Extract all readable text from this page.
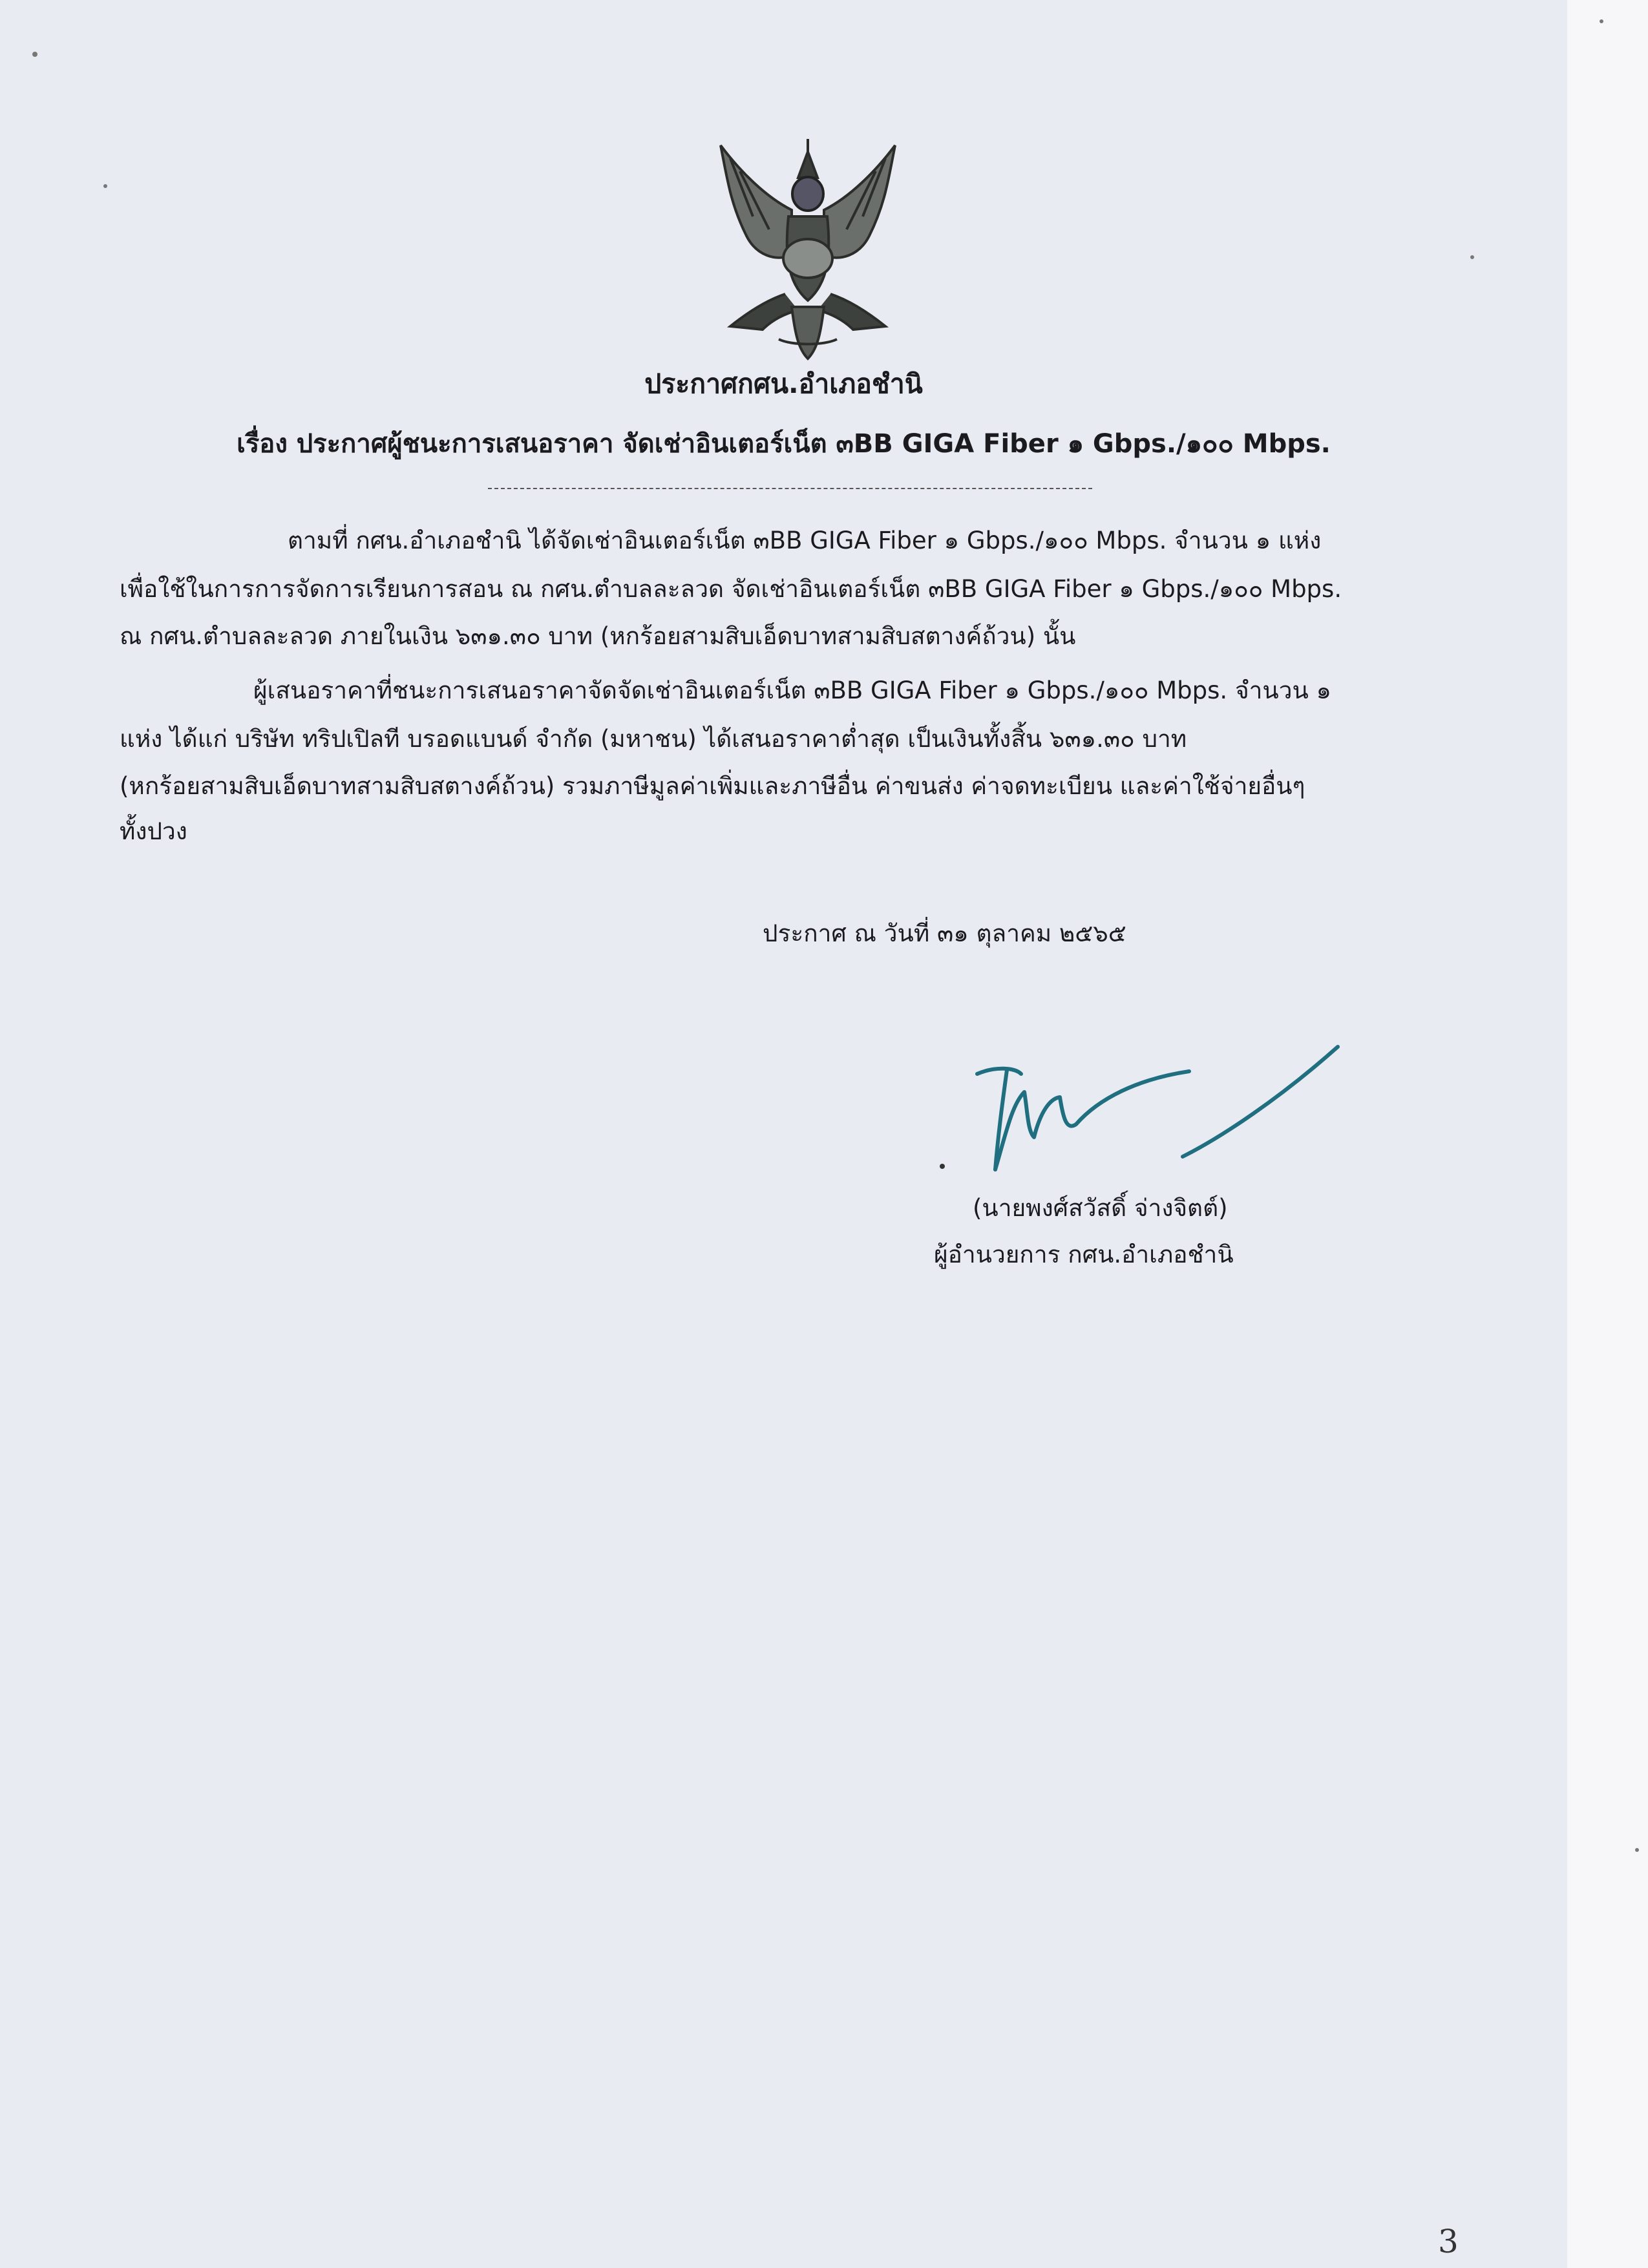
ประกาศกศน.อำเภอชำนิ
เรื่อง ประกาศผู้ชนะการเสนอราคา จัดเช่าอินเตอร์เน็ต ๓BB GIGA Fiber ๑ Gbps./๑๐๐ Mbps.
ตามที่ กศน.อำเภอชำนิ ได้จัดเช่าอินเตอร์เน็ต ๓BB GIGA Fiber ๑ Gbps./๑๐๐ Mbps. จำนวน ๑ แห่ง
เพื่อใช้ในการการจัดการเรียนการสอน ณ กศน.ตำบลละลวด จัดเช่าอินเตอร์เน็ต ๓BB GIGA Fiber ๑ Gbps./๑๐๐ Mbps.
ณ กศน.ตำบลละลวด ภายในเงิน ๖๓๑.๓๐ บาท (หกร้อยสามสิบเอ็ดบาทสามสิบสตางค์ถ้วน) นั้น
ผู้เสนอราคาที่ชนะการเสนอราคาจัดจัดเช่าอินเตอร์เน็ต ๓BB GIGA Fiber ๑ Gbps./๑๐๐ Mbps. จำนวน ๑
แห่ง ได้แก่ บริษัท ทริปเปิลที บรอดแบนด์ จำกัด (มหาชน) ได้เสนอราคาต่ำสุด เป็นเงินทั้งสิ้น ๖๓๑.๓๐ บาท
(หกร้อยสามสิบเอ็ดบาทสามสิบสตางค์ถ้วน) รวมภาษีมูลค่าเพิ่มและภาษีอื่น ค่าขนส่ง ค่าจดทะเบียน และค่าใช้จ่ายอื่นๆ
ทั้งปวง
ประกาศ ณ วันที่ ๓๑ ตุลาคม ๒๕๖๕
(นายพงศ์สวัสดิ์ จ่างจิตต์)
ผู้อำนวยการ กศน.อำเภอชำนิ
3
